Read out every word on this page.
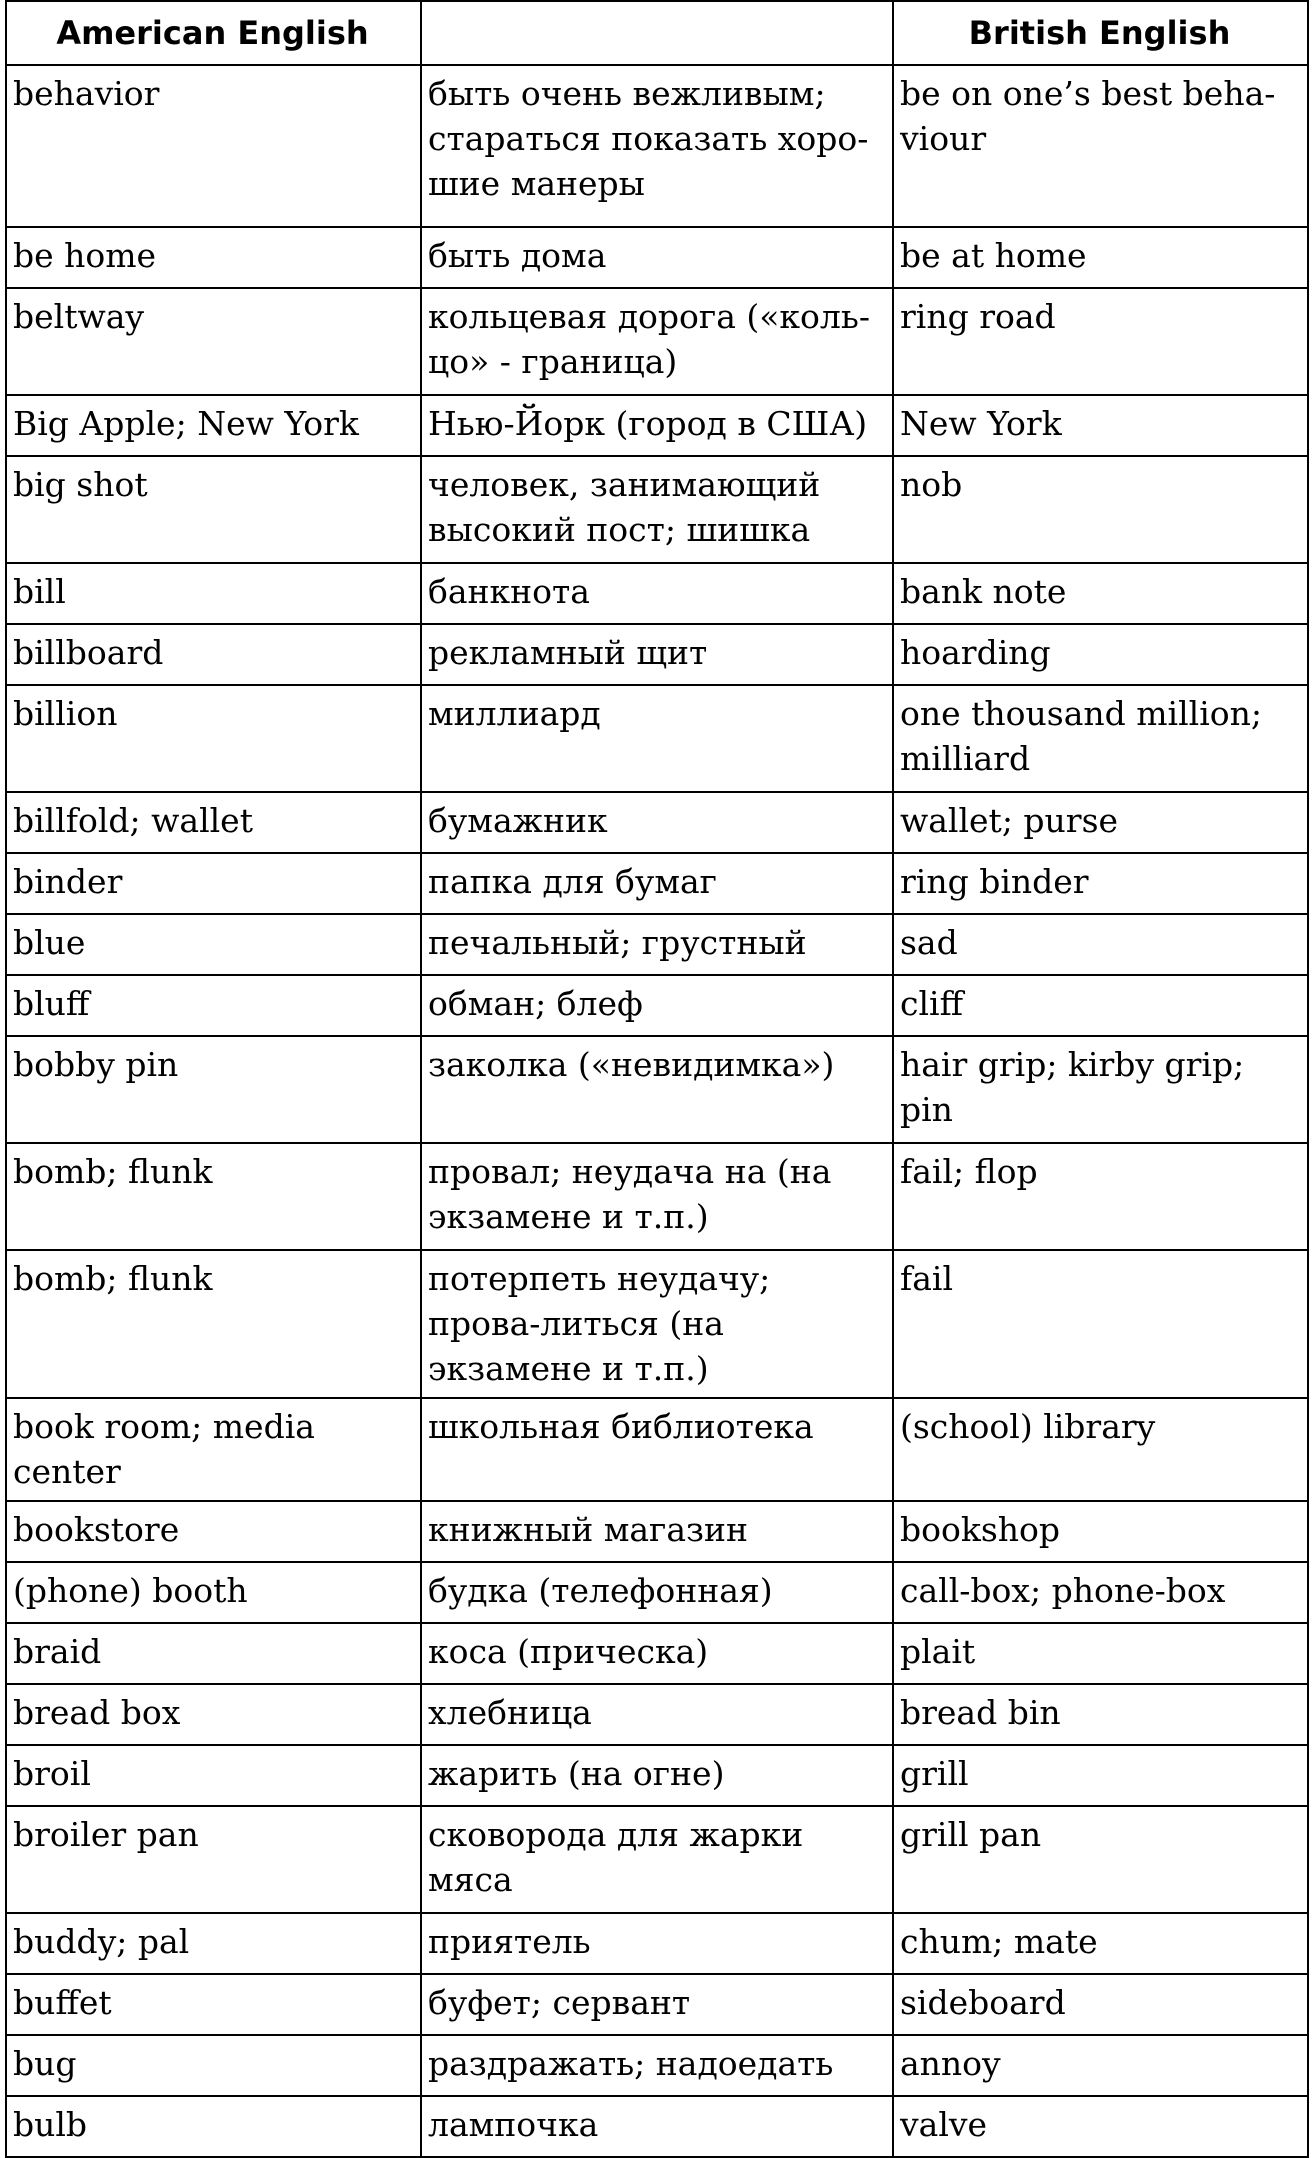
American English		British English
behavior	быть очень вежливым; стараться показать хоро-шие манеры	be on one’s best beha-viour
be home	быть дома	be at home
beltway	кольцевая дорога («коль-цо» - граница)	ring road
Big Apple; New York	Нью-Йорк (город в США)	New York
big shot	человек, занимающий высокий пост; шишка	nob
bill	банкнота	bank note
billboard	рекламный щит	hoarding
billion	миллиард	one thousand million; milliard
billfold; wallet	бумажник	wallet; purse
binder	папка для бумаг	ring binder
blue	печальный; грустный	sad
bluff	обман; блеф	cliff
bobby pin	заколка («невидимка»)	hair grip; kirby grip; pin
bomb; flunk	провал; неудача на (на экзамене и т.п.)	fail; flop
bomb; flunk	потерпеть неудачу; прова-литься (на экзамене и т.п.)	fail
book room; media center	школьная библиотека	(school) library
bookstore	книжный магазин	bookshop
(phone) booth	будка (телефонная)	call-box; phone-box
braid	коса (прическа)	plait
bread box	хлебница	bread bin
broil	жарить (на огне)	grill
broiler pan	сковорода для жарки мяса	grill pan
buddy; pal	приятель	chum; mate
buffet	буфет; сервант	sideboard
bug	раздражать; надоедать	annoy
bulb	лампочка	valve
